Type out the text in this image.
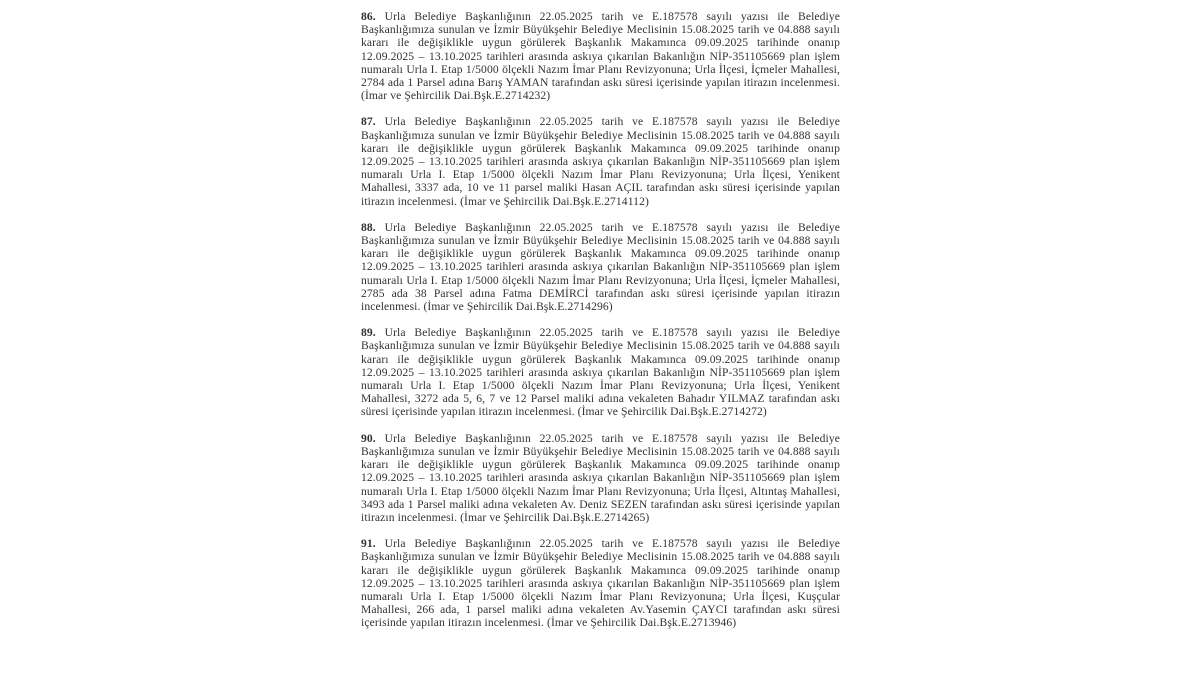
86. Urla Belediye Başkanlığının 22.05.2025 tarih ve E.187578 sayılı yazısı ile Belediye Başkanlığımıza sunulan ve İzmir Büyükşehir Belediye Meclisinin 15.08.2025 tarih ve 04.888 sayılı kararı ile değişiklikle uygun görülerek Başkanlık Makamınca 09.09.2025 tarihinde onanıp 12.09.2025 – 13.10.2025 tarihleri arasında askıya çıkarılan Bakanlığın NİP-351105669 plan işlem numaralı Urla I. Etap 1/5000 ölçekli Nazım İmar Planı Revizyonuna; Urla İlçesi, İçmeler Mahallesi, 2784 ada 1 Parsel adına Barış YAMAN tarafından askı süresi içerisinde yapılan itirazın incelenmesi. (İmar ve Şehircilik Dai.Bşk.E.2714232)

87. Urla Belediye Başkanlığının 22.05.2025 tarih ve E.187578 sayılı yazısı ile Belediye Başkanlığımıza sunulan ve İzmir Büyükşehir Belediye Meclisinin 15.08.2025 tarih ve 04.888 sayılı kararı ile değişiklikle uygun görülerek Başkanlık Makamınca 09.09.2025 tarihinde onanıp 12.09.2025 – 13.10.2025 tarihleri arasında askıya çıkarılan Bakanlığın NİP-351105669 plan işlem numaralı Urla I. Etap 1/5000 ölçekli Nazım İmar Planı Revizyonuna; Urla İlçesi, Yenikent Mahallesi, 3337 ada, 10 ve 11 parsel maliki Hasan AÇIL tarafından askı süresi içerisinde yapılan itirazın incelenmesi. (İmar ve Şehircilik Dai.Bşk.E.2714112)

88. Urla Belediye Başkanlığının 22.05.2025 tarih ve E.187578 sayılı yazısı ile Belediye Başkanlığımıza sunulan ve İzmir Büyükşehir Belediye Meclisinin 15.08.2025 tarih ve 04.888 sayılı kararı ile değişiklikle uygun görülerek Başkanlık Makamınca 09.09.2025 tarihinde onanıp 12.09.2025 – 13.10.2025 tarihleri arasında askıya çıkarılan Bakanlığın NİP-351105669 plan işlem numaralı Urla I. Etap 1/5000 ölçekli Nazım İmar Planı Revizyonuna; Urla İlçesi, İçmeler Mahallesi, 2785 ada 38 Parsel adına Fatma DEMİRCİ tarafından askı süresi içerisinde yapılan itirazın incelenmesi. (İmar ve Şehircilik Dai.Bşk.E.2714296)

89. Urla Belediye Başkanlığının 22.05.2025 tarih ve E.187578 sayılı yazısı ile Belediye Başkanlığımıza sunulan ve İzmir Büyükşehir Belediye Meclisinin 15.08.2025 tarih ve 04.888 sayılı kararı ile değişiklikle uygun görülerek Başkanlık Makamınca 09.09.2025 tarihinde onanıp 12.09.2025 – 13.10.2025 tarihleri arasında askıya çıkarılan Bakanlığın NİP-351105669 plan işlem numaralı Urla I. Etap 1/5000 ölçekli Nazım İmar Planı Revizyonuna; Urla İlçesi, Yenikent Mahallesi, 3272 ada 5, 6, 7 ve 12 Parsel maliki adına vekaleten Bahadır YILMAZ tarafından askı süresi içerisinde yapılan itirazın incelenmesi. (İmar ve Şehircilik Dai.Bşk.E.2714272)

90. Urla Belediye Başkanlığının 22.05.2025 tarih ve E.187578 sayılı yazısı ile Belediye Başkanlığımıza sunulan ve İzmir Büyükşehir Belediye Meclisinin 15.08.2025 tarih ve 04.888 sayılı kararı ile değişiklikle uygun görülerek Başkanlık Makamınca 09.09.2025 tarihinde onanıp 12.09.2025 – 13.10.2025 tarihleri arasında askıya çıkarılan Bakanlığın NİP-351105669 plan işlem numaralı Urla I. Etap 1/5000 ölçekli Nazım İmar Planı Revizyonuna; Urla İlçesi, Altıntaş Mahallesi, 3493 ada 1 Parsel maliki adına vekaleten Av. Deniz SEZEN tarafından askı süresi içerisinde yapılan itirazın incelenmesi. (İmar ve Şehircilik Dai.Bşk.E.2714265)

91. Urla Belediye Başkanlığının 22.05.2025 tarih ve E.187578 sayılı yazısı ile Belediye Başkanlığımıza sunulan ve İzmir Büyükşehir Belediye Meclisinin 15.08.2025 tarih ve 04.888 sayılı kararı ile değişiklikle uygun görülerek Başkanlık Makamınca 09.09.2025 tarihinde onanıp 12.09.2025 – 13.10.2025 tarihleri arasında askıya çıkarılan Bakanlığın NİP-351105669 plan işlem numaralı Urla I. Etap 1/5000 ölçekli Nazım İmar Planı Revizyonuna; Urla İlçesi, Kuşçular Mahallesi, 266 ada, 1 parsel maliki adına vekaleten Av.Yasemin ÇAYCI tarafından askı süresi içerisinde yapılan itirazın incelenmesi. (İmar ve Şehircilik Dai.Bşk.E.2713946)
